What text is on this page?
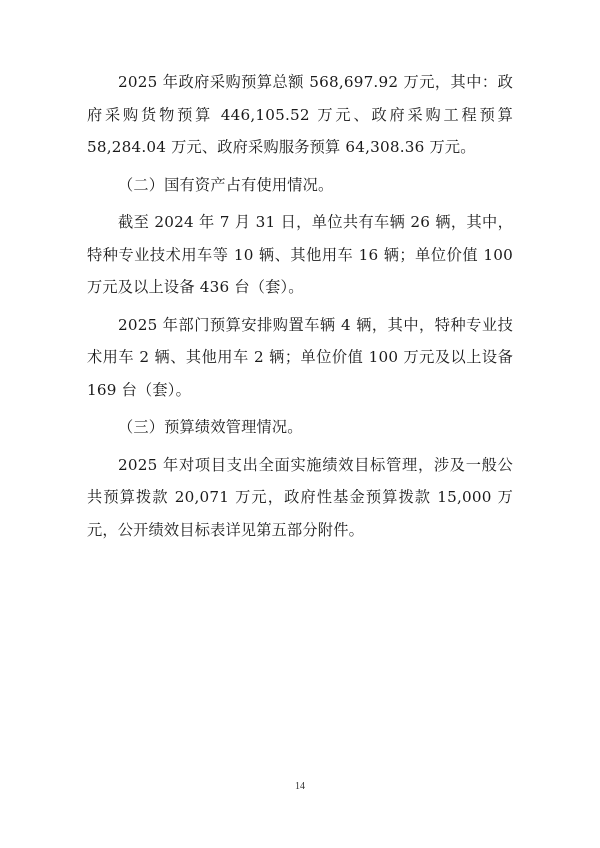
2025 年政府采购预算总额 568,697.92 万元，其中：政府采购货物预算 446,105.52 万元、政府采购工程预算 58,284.04 万元、政府采购服务预算 64,308.36 万元。

（二）国有资产占有使用情况。

截至 2024 年 7 月 31 日，单位共有车辆 26 辆，其中，特种专业技术用车等 10 辆、其他用车 16 辆；单位价值 100 万元及以上设备 436 台（套）。

2025 年部门预算安排购置车辆 4 辆，其中，特种专业技术用车 2 辆、其他用车 2 辆；单位价值 100 万元及以上设备 169 台（套）。

（三）预算绩效管理情况。

2025 年对项目支出全面实施绩效目标管理，涉及一般公共预算拨款 20,071 万元，政府性基金预算拨款 15,000 万元，公开绩效目标表详见第五部分附件。

14
